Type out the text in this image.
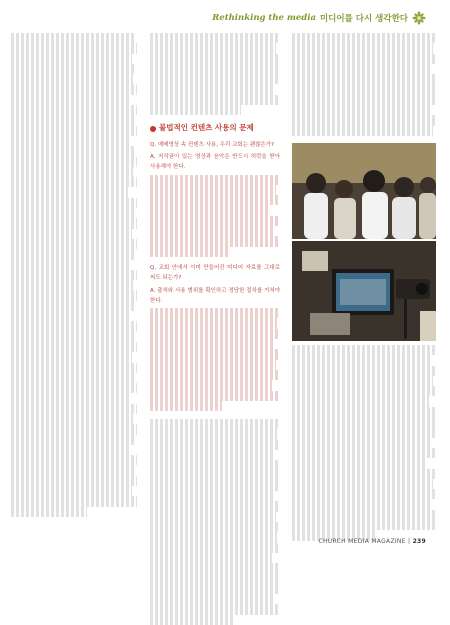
Rethinking the media 미디어를 다시 생각한다
불법적인 컨텐츠 사용의 문제

Q. 예배영상 속 컨텐츠 사용, 우리 교회는 괜찮은가?

A. 저작권이 있는 영상과 음악은 반드시 허락을 받아 사용해야 한다.

Q. 교회 안에서 이미 만들어진 미디어 자료를 그대로 써도 되는가?

A. 출처와 사용 범위를 확인하고 정당한 절차를 거쳐야 한다.

CHURCH MEDIA MAGAZINE | 239
